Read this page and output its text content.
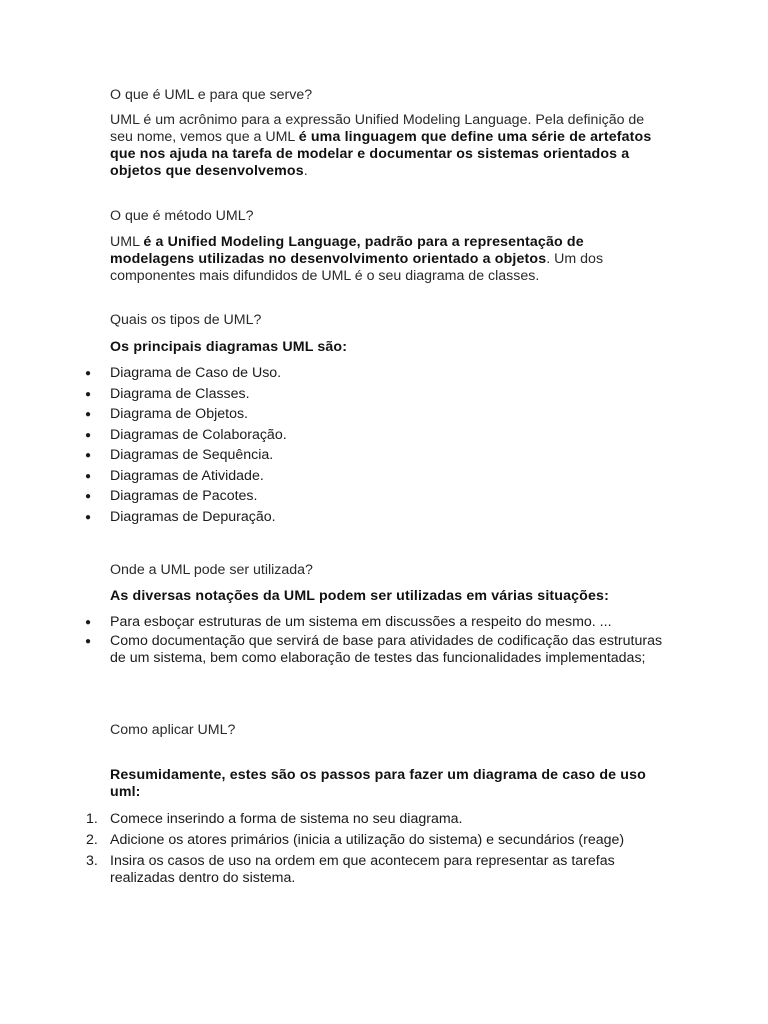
O que é UML e para que serve?

UML é um acrônimo para a expressão Unified Modeling Language. Pela definição de seu nome, vemos que a UML é uma linguagem que define uma série de artefatos que nos ajuda na tarefa de modelar e documentar os sistemas orientados a objetos que desenvolvemos.

O que é método UML?

UML é a Unified Modeling Language, padrão para a representação de modelagens utilizadas no desenvolvimento orientado a objetos. Um dos componentes mais difundidos de UML é o seu diagrama de classes.

Quais os tipos de UML?

Os principais diagramas UML são:

● Diagrama de Caso de Uso.
● Diagrama de Classes.
● Diagrama de Objetos.
● Diagramas de Colaboração.
● Diagramas de Sequência.
● Diagramas de Atividade.
● Diagramas de Pacotes.
● Diagramas de Depuração.

Onde a UML pode ser utilizada?

As diversas notações da UML podem ser utilizadas em várias situações:

● Para esboçar estruturas de um sistema em discussões a respeito do mesmo. ...
● Como documentação que servirá de base para atividades de codificação das estruturas de um sistema, bem como elaboração de testes das funcionalidades implementadas;

Como aplicar UML?

Resumidamente, estes são os passos para fazer um diagrama de caso de uso uml:

1. Comece inserindo a forma de sistema no seu diagrama.
2. Adicione os atores primários (inicia a utilização do sistema) e secundários (reage)
3. Insira os casos de uso na ordem em que acontecem para representar as tarefas realizadas dentro do sistema.
